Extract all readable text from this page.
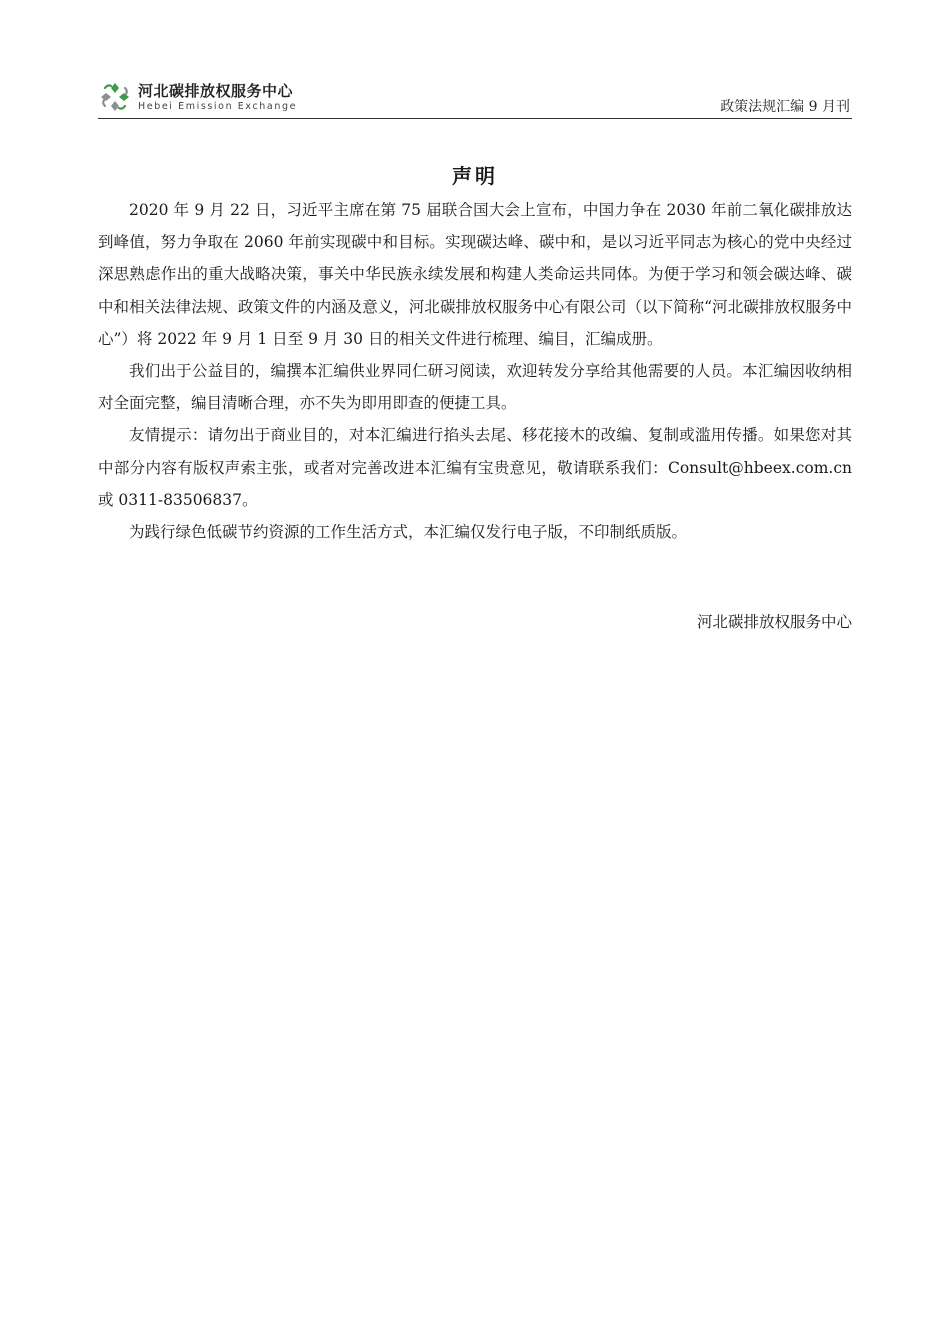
河北碳排放权服务中心
Hebei Emission Exchange	政策法规汇编 9 月刊
声明

2020 年 9 月 22 日，习近平主席在第 75 届联合国大会上宣布，中国力争在 2030 年前二氧化碳排放达到峰值，努力争取在 2060 年前实现碳中和目标。实现碳达峰、碳中和，是以习近平同志为核心的党中央经过深思熟虑作出的重大战略决策，事关中华民族永续发展和构建人类命运共同体。为便于学习和领会碳达峰、碳中和相关法律法规、政策文件的内涵及意义，河北碳排放权服务中心有限公司（以下简称“河北碳排放权服务中心”）将 2022 年 9 月 1 日至 9 月 30 日的相关文件进行梳理、编目，汇编成册。

我们出于公益目的，编撰本汇编供业界同仁研习阅读，欢迎转发分享给其他需要的人员。本汇编因收纳相对全面完整，编目清晰合理，亦不失为即用即查的便捷工具。

友情提示：请勿出于商业目的，对本汇编进行掐头去尾、移花接木的改编、复制或滥用传播。如果您对其中部分内容有版权声索主张，或者对完善改进本汇编有宝贵意见，敬请联系我们：Consult@hbeex.com.cn 或 0311-83506837。

为践行绿色低碳节约资源的工作生活方式，本汇编仅发行电子版，不印制纸质版。

河北碳排放权服务中心
